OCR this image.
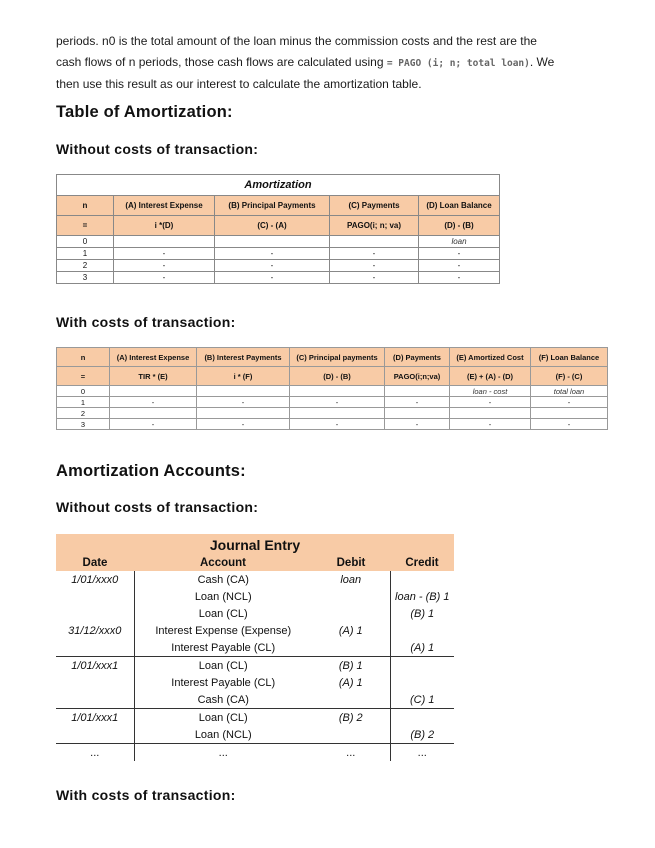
periods. n0 is the total amount of the loan minus the commission costs and the rest are the
cash flows of n periods, those cash flows are calculated using = PAGO (i; n; total loan). We
then use this result as our interest to calculate the amortization table.

Table of Amortization:
Without costs of transaction:
Amortization				
n	(A) Interest Expense	(B) Principal Payments	(C) Payments	(D) Loan Balance
=	i *(D)	(C) - (A)	PAGO(i; n; va)	(D) - (B)
0				loan
1	-	-	-	-
2	-	-	-	-
3	-	-	-	-
With costs of transaction:
n	(A) Interest Expense	(B) Interest Payments	(C) Principal payments	(D) Payments	(E) Amortized Cost	(F) Loan Balance
=	TIR * (E)	i * (F)	(D) - (B)	PAGO(i;n;va)	(E) + (A) - (D)	(F) - (C)
0					loan - cost	total loan
1	-	-	-	-	-	-
2						
3	-	-	-	-	-	-
Amortization Accounts:
Without costs of transaction:
Journal Entry			
Date	Account	Debit	Credit
1/01/xxx0	Cash (CA)	loan	
	Loan (NCL)		loan - (B) 1
	Loan (CL)		(B) 1
31/12/xxx0	Interest Expense (Expense)	(A) 1	
	Interest Payable (CL)		(A) 1
1/01/xxx1	Loan (CL)	(B) 1	
	Interest Payable (CL)	(A) 1	
	Cash (CA)		(C) 1
1/01/xxx1	Loan (CL)	(B) 2	
	Loan (NCL)		(B) 2
...	...	...	...
With costs of transaction:
